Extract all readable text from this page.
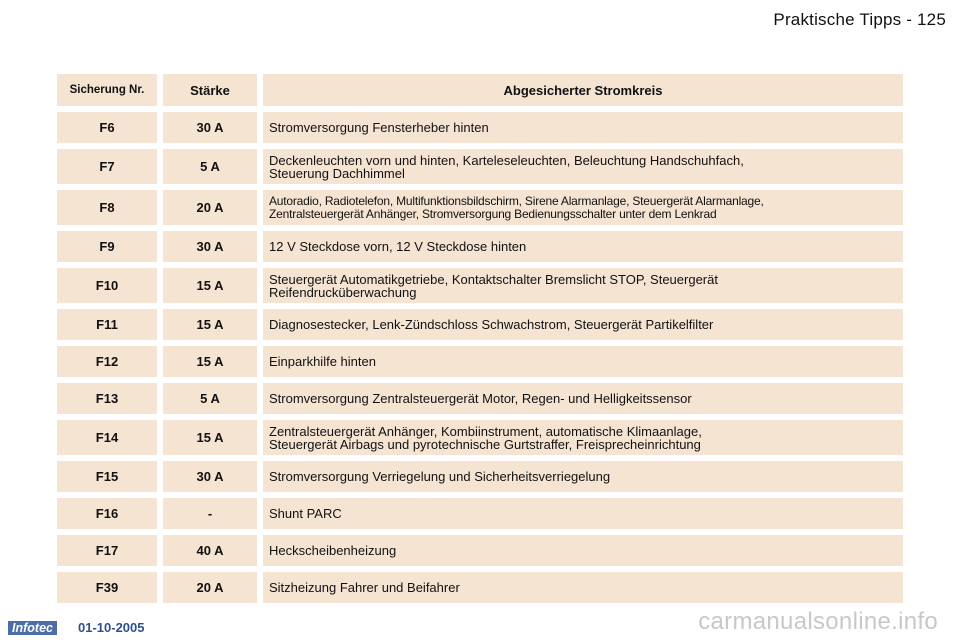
Praktische Tipps - 125
Sicherung Nr.	Stärke	Abgesicherter Stromkreis
F6	30 A	Stromversorgung Fensterheber hinten
F7	5 A	Deckenleuchten vorn und hinten, Karteleseleuchten, Beleuchtung Handschuhfach,
Steuerung Dachhimmel

F8	20 A	Autoradio, Radiotelefon, Multifunktionsbildschirm, Sirene Alarmanlage, Steuergerät Alarmanlage,
Zentralsteuergerät Anhänger, Stromversorgung Bedienungsschalter unter dem Lenkrad

F9	30 A	12 V Steckdose vorn, 12 V Steckdose hinten
F10	15 A	Steuergerät Automatikgetriebe, Kontaktschalter Bremslicht STOP, Steuergerät
Reifendrucküberwachung

F11	15 A	Diagnosestecker, Lenk-Zündschloss Schwachstrom, Steuergerät Partikelfilter
F12	15 A	Einparkhilfe hinten
F13	5 A	Stromversorgung Zentralsteuergerät Motor, Regen- und Helligkeitssensor
F14	15 A	Zentralsteuergerät Anhänger, Kombiinstrument, automatische Klimaanlage,
Steuergerät Airbags und pyrotechnische Gurtstraffer, Freisprecheinrichtung

F15	30 A	Stromversorgung Verriegelung und Sicherheitsverriegelung
F16	-	Shunt PARC
F17	40 A	Heckscheibenheizung
F39	20 A	Sitzheizung Fahrer und Beifahrer
Infotec	01-10-2005	carmanualsonline.info
